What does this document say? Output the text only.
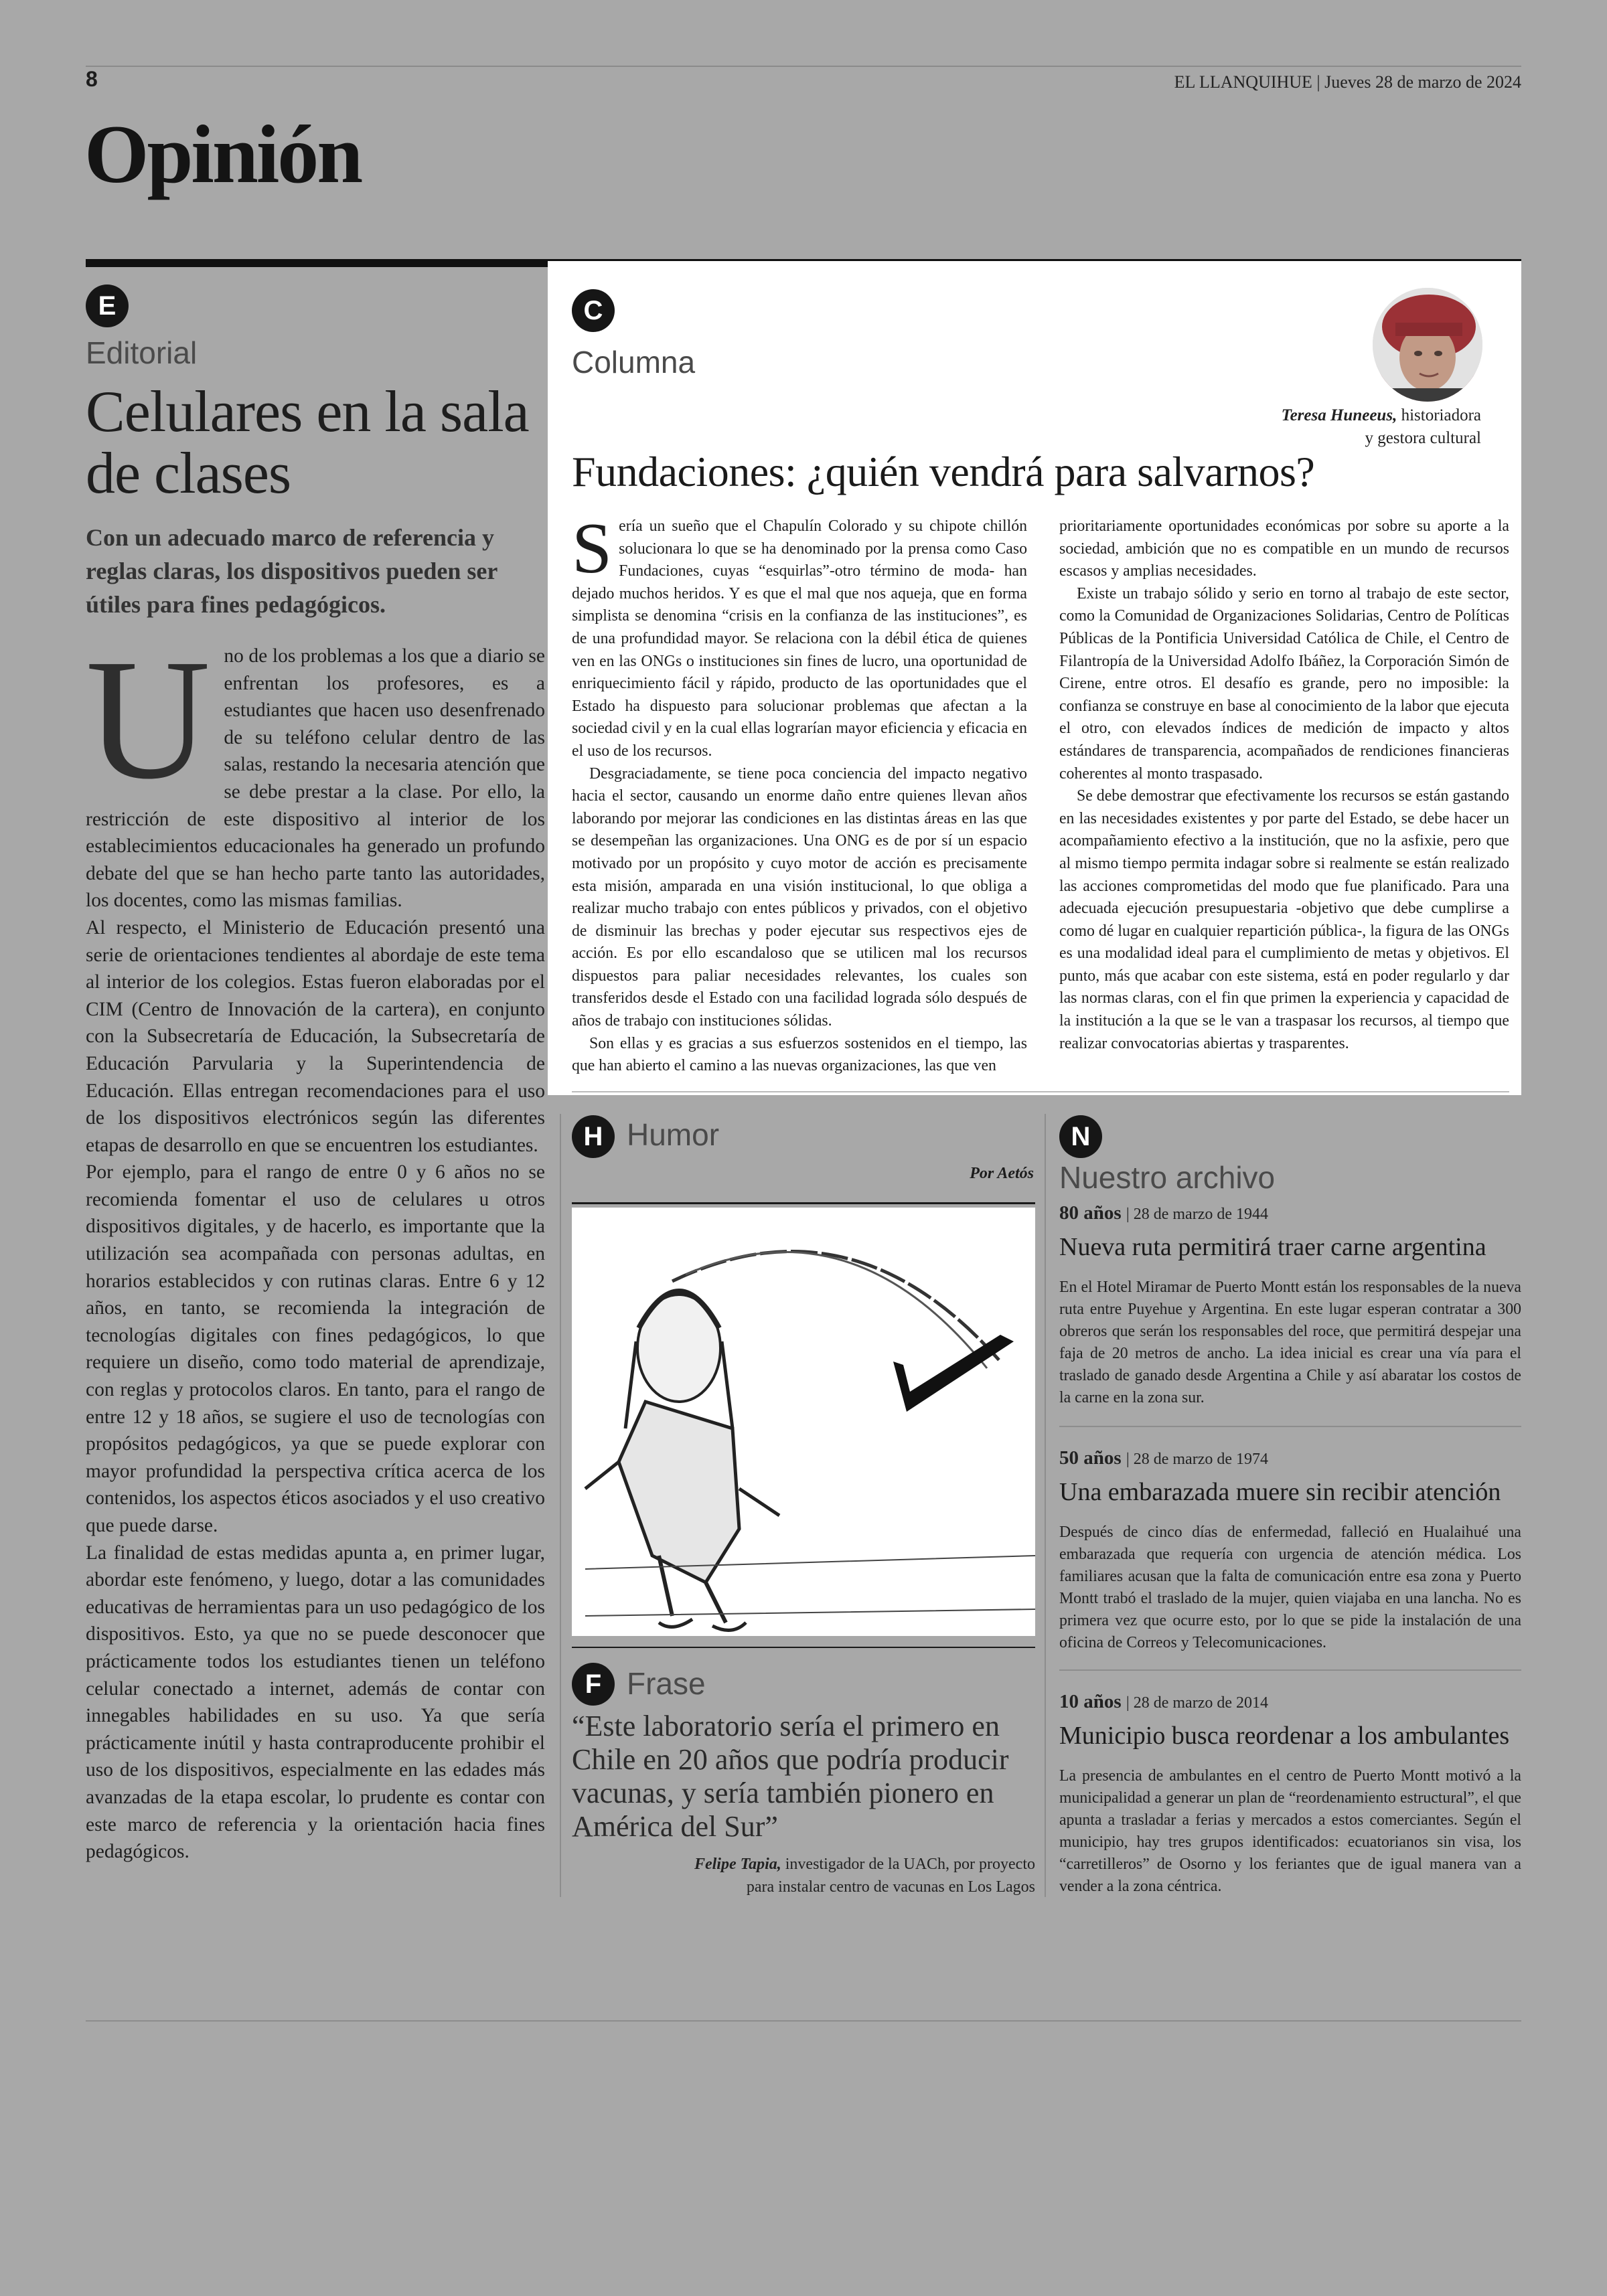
8	EL LLANQUIHUE | Jueves 28 de marzo de 2024
Opinión
E
Editorial
Celulares en la sala de clases
Con un adecuado marco de referencia y reglas claras, los dispositivos pueden ser útiles para fines pedagógicos.

Uno de los problemas a los que a diario se enfrentan los profesores, es a estudiantes que hacen uso desenfrenado de su teléfono celular dentro de las salas, restando la necesaria atención que se debe prestar a la clase. Por ello, la restricción de este dispositivo al interior de los establecimientos educacionales ha generado un profundo debate del que se han hecho parte tanto las autoridades, los docentes, como las mismas familias.

Al respecto, el Ministerio de Educación presentó una serie de orientaciones tendientes al abordaje de este tema al interior de los colegios. Estas fueron elaboradas por el CIM (Centro de Innovación de la cartera), en conjunto con la Subsecretaría de Educación, la Subsecretaría de Educación Parvularia y la Superintendencia de Educación. Ellas entregan recomendaciones para el uso de los dispositivos electrónicos según las diferentes etapas de desarrollo en que se encuentren los estudiantes.

Por ejemplo, para el rango de entre 0 y 6 años no se recomienda fomentar el uso de celulares u otros dispositivos digitales, y de hacerlo, es importante que la utilización sea acompañada con personas adultas, en horarios establecidos y con rutinas claras. Entre 6 y 12 años, en tanto, se recomienda la integración de tecnologías digitales con fines pedagógicos, lo que requiere un diseño, como todo material de aprendizaje, con reglas y protocolos claros. En tanto, para el rango de entre 12 y 18 años, se sugiere el uso de tecnologías con propósitos pedagógicos, ya que se puede explorar con mayor profundidad la perspectiva crítica acerca de los contenidos, los aspectos éticos asociados y el uso creativo que puede darse.

La finalidad de estas medidas apunta a, en primer lugar, abordar este fenómeno, y luego, dotar a las comunidades educativas de herramientas para un uso pedagógico de los dispositivos. Esto, ya que no se puede desconocer que prácticamente todos los estudiantes tienen un teléfono celular conectado a internet, además de contar con innegables habilidades en su uso. Ya que sería prácticamente inútil y hasta contraproducente prohibir el uso de los dispositivos, especialmente en las edades más avanzadas de la etapa escolar, lo prudente es contar con este marco de referencia y la orientación hacia fines pedagógicos.

C
Columna
Teresa Huneeus, historiadora
y gestora cultural
Fundaciones: ¿quién vendrá para salvarnos?

Sería un sueño que el Chapulín Colorado y su chipote chillón solucionara lo que se ha denominado por la prensa como Caso Fundaciones, cuyas “esquirlas”-otro término de moda- han dejado muchos heridos. Y es que el mal que nos aqueja, que en forma simplista se denomina “crisis en la confianza de las instituciones”, es de una profundidad mayor. Se relaciona con la débil ética de quienes ven en las ONGs o instituciones sin fines de lucro, una oportunidad de enriquecimiento fácil y rápido, producto de las oportunidades que el Estado ha dispuesto para solucionar problemas que afectan a la sociedad civil y en la cual ellas lograrían mayor eficiencia y eficacia en el uso de los recursos.

Desgraciadamente, se tiene poca conciencia del impacto negativo hacia el sector, causando un enorme daño entre quienes llevan años laborando por mejorar las condiciones en las distintas áreas en las que se desempeñan las organizaciones. Una ONG es de por sí un espacio motivado por un propósito y cuyo motor de acción es precisamente esta misión, amparada en una visión institucional, lo que obliga a realizar mucho trabajo con entes públicos y privados, con el objetivo de disminuir las brechas y poder ejecutar sus respectivos ejes de acción. Es por ello escandaloso que se utilicen mal los recursos dispuestos para paliar necesidades relevantes, los cuales son transferidos desde el Estado con una facilidad lograda sólo después de años de trabajo con instituciones sólidas.

Son ellas y es gracias a sus esfuerzos sostenidos en el tiempo, las que han abierto el camino a las nuevas organizaciones, las que ven

prioritariamente oportunidades económicas por sobre su aporte a la sociedad, ambición que no es compatible en un mundo de recursos escasos y amplias necesidades.

Existe un trabajo sólido y serio en torno al trabajo de este sector, como la Comunidad de Organizaciones Solidarias, Centro de Políticas Públicas de la Pontificia Universidad Católica de Chile, el Centro de Filantropía de la Universidad Adolfo Ibáñez, la Corporación Simón de Cirene, entre otros. El desafío es grande, pero no imposible: la confianza se construye en base al conocimiento de la labor que ejecuta el otro, con elevados índices de medición de impacto y altos estándares de transparencia, acompañados de rendiciones financieras coherentes al monto traspasado.

Se debe demostrar que efectivamente los recursos se están gastando en las necesidades existentes y por parte del Estado, se debe hacer un acompañamiento efectivo a la institución, que no la asfixie, pero que al mismo tiempo permita indagar sobre si realmente se están realizado las acciones comprometidas del modo que fue planificado. Para una adecuada ejecución presupuestaria -objetivo que debe cumplirse a como dé lugar en cualquier repartición pública-, la figura de las ONGs es una modalidad ideal para el cumplimiento de metas y objetivos. El punto, más que acabar con este sistema, está en poder regularlo y dar las normas claras, con el fin que primen la experiencia y capacidad de la institución a la que se le van a traspasar los recursos, al tiempo que realizar convocatorias abiertas y trasparentes.

H Humor
Por Aetós
F Frase
“Este laboratorio sería el primero en Chile en 20 años que podría producir vacunas, y sería también pionero en América del Sur”
Felipe Tapia, investigador de la UACh, por proyecto
para instalar centro de vacunas en Los Lagos
N
Nuestro archivo
80 años | 28 de marzo de 1944
Nueva ruta permitirá traer carne argentina
En el Hotel Miramar de Puerto Montt están los responsables de la nueva ruta entre Puyehue y Argentina. En este lugar esperan contratar a 300 obreros que serán los responsables del roce, que permitirá despejar una faja de 20 metros de ancho. La idea inicial es crear una vía para el traslado de ganado desde Argentina a Chile y así abaratar los costos de la carne en la zona sur.
50 años | 28 de marzo de 1974
Una embarazada muere sin recibir atención
Después de cinco días de enfermedad, falleció en Hualaihué una embarazada que requería con urgencia de atención médica. Los familiares acusan que la falta de comunicación entre esa zona y Puerto Montt trabó el traslado de la mujer, quien viajaba en una lancha. No es primera vez que ocurre esto, por lo que se pide la instalación de una oficina de Correos y Telecomunicaciones.
10 años | 28 de marzo de 2014
Municipio busca reordenar a los ambulantes
La presencia de ambulantes en el centro de Puerto Montt motivó a la municipalidad a generar un plan de “reordenamiento estructural”, el que apunta a trasladar a ferias y mercados a estos comerciantes. Según el municipio, hay tres grupos identificados: ecuatorianos sin visa, los “carretilleros” de Osorno y los feriantes que de igual manera van a vender a la zona céntrica.
